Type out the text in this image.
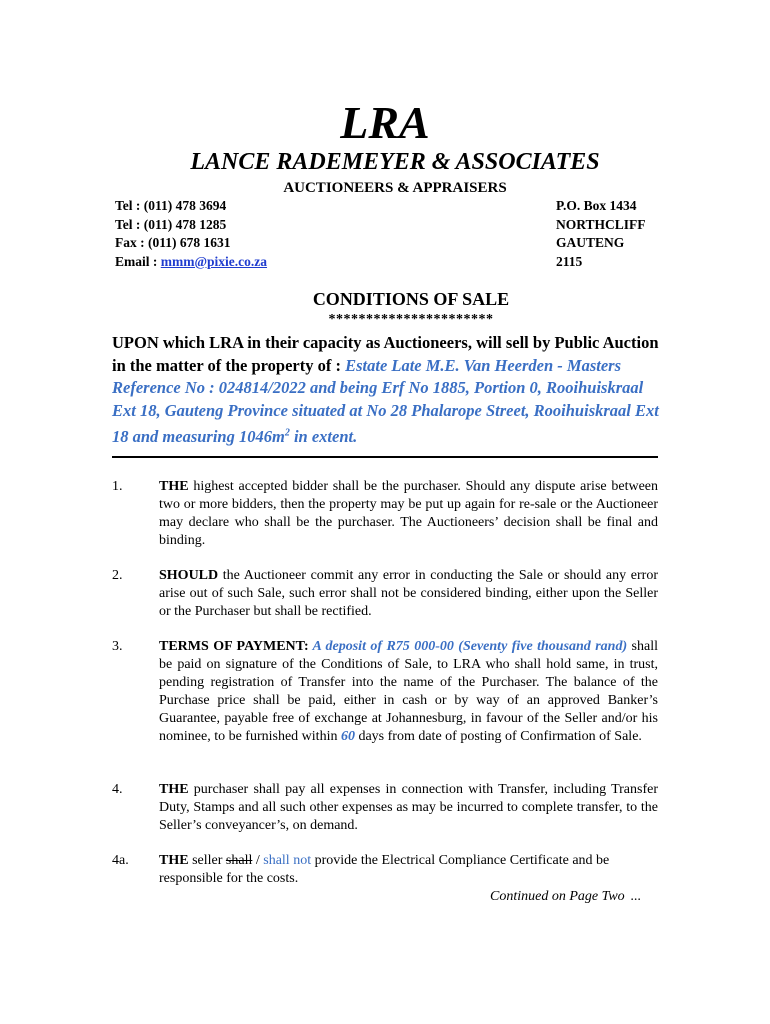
LRA
LANCE RADEMEYER & ASSOCIATES
AUCTIONEERS & APPRAISERS
Tel : (011) 478 3694
Tel : (011) 478 1285
Fax : (011) 678 1631
Email : mmm@pixie.co.za
P.O. Box 1434
NORTHCLIFF
GAUTENG
2115
CONDITIONS OF SALE
**********************
UPON which LRA in their capacity as Auctioneers, will sell by Public Auction in the matter of the property of : Estate Late M.E. Van Heerden - Masters Reference No : 024814/2022 and being Erf No 1885, Portion 0, Rooihuiskraal Ext 18, Gauteng Province situated at No 28 Phalarope Street, Rooihuiskraal Ext 18 and measuring $1046m^2$ in extent.
1.	THE highest accepted bidder shall be the purchaser. Should any dispute arise between two or more bidders, then the property may be put up again for re-sale or the Auctioneer may declare who shall be the purchaser. The Auctioneers’ decision shall be final and binding.
2.	SHOULD the Auctioneer commit any error in conducting the Sale or should any error arise out of such Sale, such error shall not be considered binding, either upon the Seller or the Purchaser but shall be rectified.
3.	TERMS OF PAYMENT: A deposit of R75 000-00 (Seventy five thousand rand) shall be paid on signature of the Conditions of Sale, to LRA who shall hold same, in trust, pending registration of Transfer into the name of the Purchaser. The balance of the Purchase price shall be paid, either in cash or by way of an approved Banker’s Guarantee, payable free of exchange at Johannesburg, in favour of the Seller and/or his nominee, to be furnished within 60 days from date of posting of Confirmation of Sale.
4.	THE purchaser shall pay all expenses in connection with Transfer, including Transfer Duty, Stamps and all such other expenses as may be incurred to complete transfer, to the Seller’s conveyancer’s, on demand.
4a. THE seller shall / shall not provide the Electrical Compliance Certificate and be responsible for the costs.
Continued on Page Two ...
